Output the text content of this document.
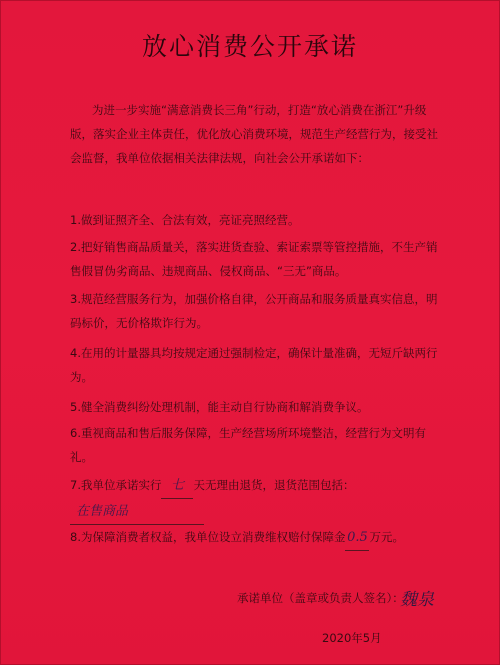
放心消费公开承诺
为进一步实施“满意消费长三角”行动，打造“放心消费在浙江”升级版，落实企业主体责任，优化放心消费环境，规范生产经营行为，接受社会监督，我单位依据相关法律法规，向社会公开承诺如下：
1.做到证照齐全、合法有效，亮证亮照经营。
2.把好销售商品质量关，落实进货查验、索证索票等管控措施，不生产销售假冒伪劣商品、违规商品、侵权商品、“三无”商品。
3.规范经营服务行为，加强价格自律，公开商品和服务质量真实信息，明码标价，无价格欺诈行为。
4.在用的计量器具均按规定通过强制检定，确保计量准确，无短斤缺两行为。
5.健全消费纠纷处理机制，能主动自行协商和解消费争议。
6.重视商品和售后服务保障，生产经营场所环境整洁，经营行为文明有礼。
7.我单位承诺实行 七 天无理由退货，退货范围包括：在售商品
8.为保障消费者权益，我单位设立消费维权赔付保障金 0.5 万元。
承诺单位（盖章或负责人签名）：
魏泉
2020年5月
